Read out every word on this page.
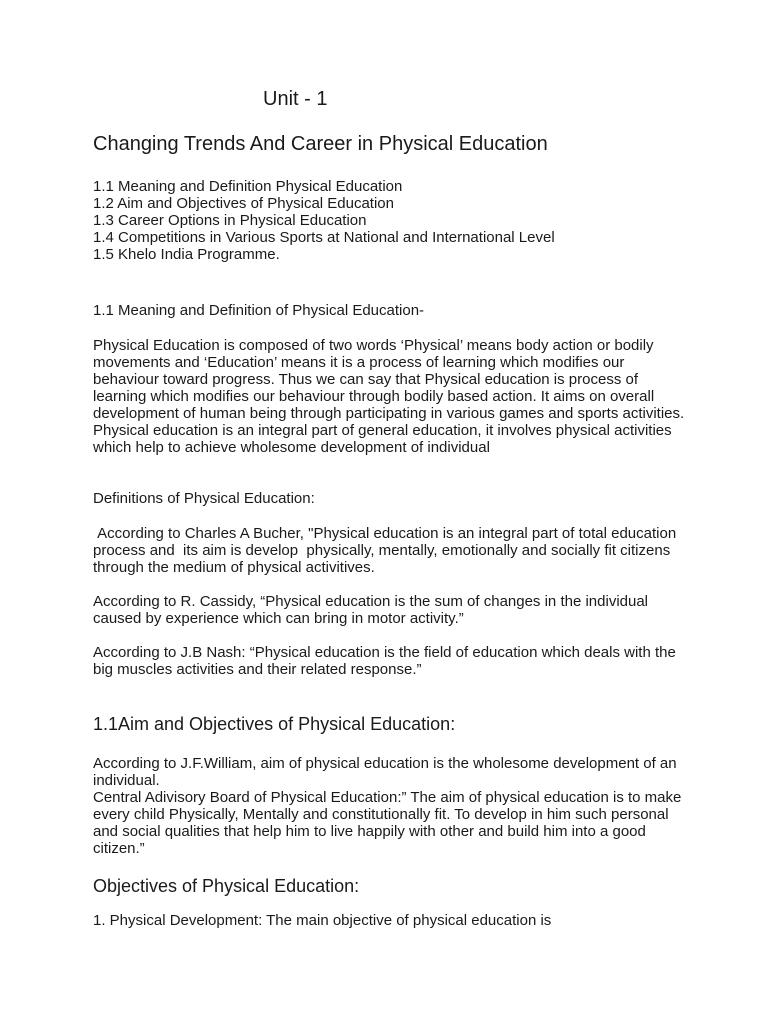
Unit - 1
Changing Trends And Career in Physical Education
1.1 Meaning and Definition Physical Education
1.2 Aim and Objectives of Physical Education
1.3 Career Options in Physical Education
1.4 Competitions in Various Sports at National and International Level
1.5 Khelo India Programme.
1.1 Meaning and Definition of Physical Education-

Physical Education is composed of two words ‘Physical’ means body action or bodily movements and ‘Education’ means it is a process of learning which modifies our behaviour toward progress. Thus we can say that Physical education is process of learning which modifies our behaviour through bodily based action. It aims on overall development of human being through participating in various games and sports activities.

Physical education is an integral part of general education, it involves physical activities which help to achieve wholesome development of individual

Definitions of Physical Education:

According to Charles A Bucher, "Physical education is an integral part of total education process and  its aim is develop  physically, mentally, emotionally and socially fit citizens through the medium of physical activitives.

According to R. Cassidy, “Physical education is the sum of changes in the individual caused by experience which can bring in motor activity.”

According to J.B Nash: “Physical education is the field of education which deals with the big muscles activities and their related response.”

1.1Aim and Objectives of Physical Education:

According to J.F.William, aim of physical education is the wholesome development of an individual.

Central Adivisory Board of Physical Education:” The aim of physical education is to make every child Physically, Mentally and constitutionally fit. To develop in him such personal and social qualities that help him to live happily with other and build him into a good citizen.”

Objectives of Physical Education:
1. Physical Development: The main objective of physical education is
